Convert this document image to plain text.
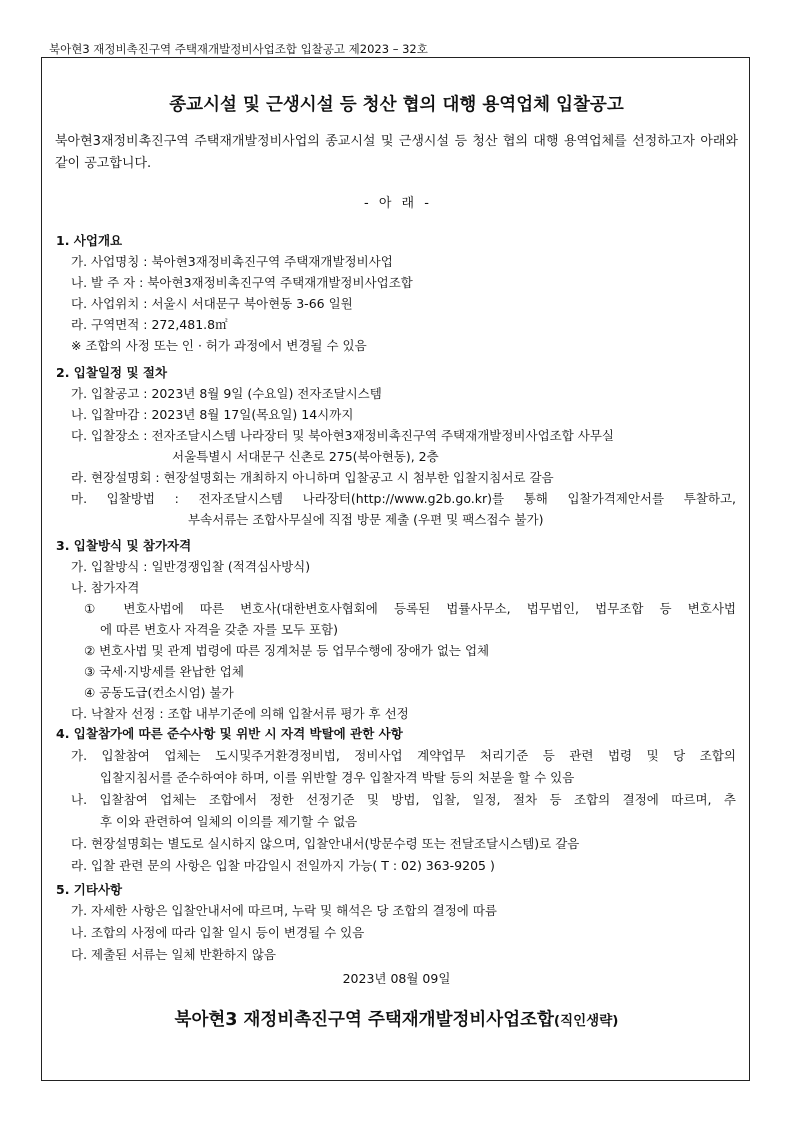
북아현3 재정비촉진구역 주택재개발정비사업조합 입찰공고 제2023 – 32호
종교시설 및 근생시설 등 청산 협의 대행 용역업체 입찰공고
북아현3재정비촉진구역 주택재개발정비사업의 종교시설 및 근생시설 등 청산 협의 대행 용역업체를 선정하고자 아래와 같이 공고합니다.
- 아 래 -
1. 사업개요
가. 사업명칭 : 북아현3재정비촉진구역 주택재개발정비사업
나. 발 주 자 : 북아현3재정비촉진구역 주택재개발정비사업조합
다. 사업위치 : 서울시 서대문구 북아현동 3-66 일원
라. 구역면적 : 272,481.8㎡
※ 조합의 사정 또는 인 · 허가 과정에서 변경될 수 있음
2. 입찰일정 및 절차
가. 입찰공고 : 2023년 8월 9일 (수요일) 전자조달시스템
나. 입찰마감 : 2023년 8월 17일(목요일) 14시까지
다. 입찰장소 : 전자조달시스템 나라장터 및 북아현3재정비촉진구역 주택재개발정비사업조합 사무실
서울특별시 서대문구 신촌로 275(북아현동), 2층
라. 현장설명회 : 현장설명회는 개최하지 아니하며 입찰공고 시 첨부한 입찰지침서로 갈음
마. 입찰방법 : 전자조달시스템 나라장터(http://www.g2b.go.kr)를 통해 입찰가격제안서를 투찰하고,
부속서류는 조합사무실에 직접 방문 제출 (우편 및 팩스접수 불가)
3. 입찰방식 및 참가자격
가. 입찰방식 : 일반경쟁입찰 (적격심사방식)
나. 참가자격
① 변호사법에 따른 변호사(대한변호사협회에 등록된 법률사무소, 법무법인, 법무조합 등 변호사법
에 따른 변호사 자격을 갖춘 자를 모두 포함)
② 변호사법 및 관계 법령에 따른 징계처분 등 업무수행에 장애가 없는 업체
③ 국세·지방세를 완납한 업체
④ 공동도급(컨소시엄) 불가
다. 낙찰자 선정 : 조합 내부기준에 의해 입찰서류 평가 후 선정
4. 입찰참가에 따른 준수사항 및 위반 시 자격 박탈에 관한 사항
가. 입찰참여 업체는 도시및주거환경정비법, 정비사업 계약업무 처리기준 등 관련 법령 및 당 조합의
입찰지침서를 준수하여야 하며, 이를 위반할 경우 입찰자격 박탈 등의 처분을 할 수 있음
나. 입찰참여 업체는 조합에서 정한 선정기준 및 방법, 입찰, 일정, 절차 등 조합의 결정에 따르며, 추
후 이와 관련하여 일체의 이의를 제기할 수 없음
다. 현장설명회는 별도로 실시하지 않으며, 입찰안내서(방문수령 또는 전달조달시스템)로 갈음
라. 입찰 관련 문의 사항은 입찰 마감일시 전일까지 가능( T : 02) 363-9205 )
5. 기타사항
가. 자세한 사항은 입찰안내서에 따르며, 누락 및 해석은 당 조합의 결정에 따름
나. 조합의 사정에 따라 입찰 일시 등이 변경될 수 있음
다. 제출된 서류는 일체 반환하지 않음
2023년 08월 09일
북아현3 재정비촉진구역 주택재개발정비사업조합(직인생략)
